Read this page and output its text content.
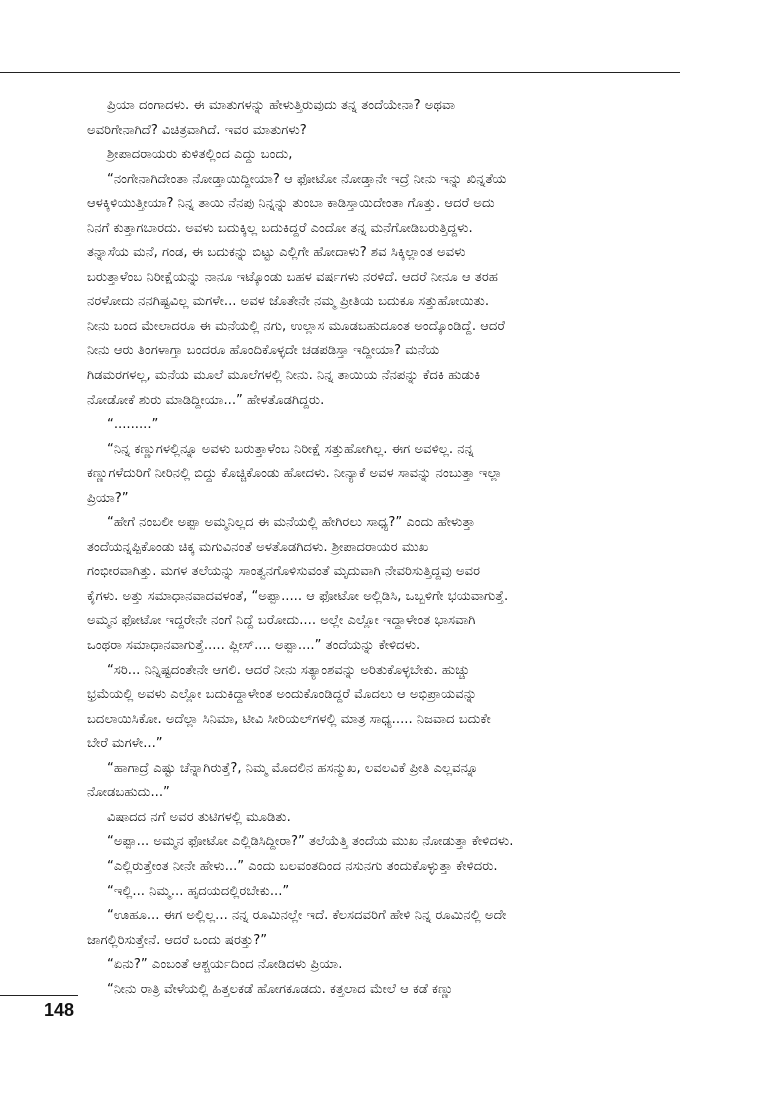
ಪ್ರಿಯಾ ದಂಗಾದಳು. ಈ ಮಾತುಗಳನ್ನು ಹೇಳುತ್ತಿರುವುದು ತನ್ನ ತಂದೆಯೇನಾ? ಅಥವಾ
ಅವರಿಗೇನಾಗಿದೆ? ವಿಚಿತ್ರವಾಗಿದೆ. ಇವರ ಮಾತುಗಳು?
ಶ್ರೀಪಾದರಾಯರು ಕುಳಿತಲ್ಲಿಂದ ಎದ್ದು ಬಂದು,
“ನಂಗೇನಾಗಿದೇಂತಾ ನೋಡ್ತಾಯಿದ್ದೀಯಾ? ಆ ಫೋಟೋ ನೋಡ್ತಾನೇ ಇದ್ರೆ ನೀನು ಇನ್ನು ಖಿನ್ನತೆಯ
ಆಳಕ್ಕಿಳಿಯುತ್ತೀಯಾ? ನಿನ್ನ ತಾಯಿ ನೆನಪು ನಿನ್ನನ್ನು ತುಂಬಾ ಕಾಡಿಸ್ತಾಯಿದೇಂತಾ ಗೊತ್ತು. ಆದರೆ ಅದು
ನಿನಗೆ ಕುತ್ತಾಗಬಾರದು. ಅವಳು ಬದುಕ್ಕಿಲ್ಲ ಬದುಕಿದ್ದರೆ ಎಂದೋ ತನ್ನ ಮನೆಗೋಡಿಬರುತ್ತಿದ್ದಳು.
ತನ್ನಾಸೆಯ ಮನೆ, ಗಂಡ, ಈ ಬದುಕನ್ನು ಬಿಟ್ಟು ಎಲ್ಲಿಗೇ ಹೋದಾಳು? ಶವ ಸಿಕ್ಕಿಲ್ಲಾಂತ ಅವಳು
ಬರುತ್ತಾಳೆಂಬ ನಿರೀಕ್ಷೆಯನ್ನು ನಾನೂ ಇಟ್ಕೊಂಡು ಬಹಳ ವರ್ಷಗಳು ನರಳಿದೆ. ಆದರೆ ನೀನೂ ಆ ತರಹ
ನರಳೋದು ನನಗಿಷ್ಟವಿಲ್ಲ ಮಗಳೇ... ಅವಳ ಜೊತೇನೇ ನಮ್ಮ ಪ್ರೀತಿಯ ಬದುಕೂ ಸತ್ತುಹೋಯಿತು.
ನೀನು ಬಂದ ಮೇಲಾದರೂ ಈ ಮನೆಯಲ್ಲಿ ನಗು, ಉಲ್ಲಾಸ ಮೂಡಬಹುದೂಂತ ಅಂದ್ಕೊಂಡಿದ್ದೆ. ಆದರೆ
ನೀನು ಆರು ತಿಂಗಳಾಗ್ತಾ ಬಂದರೂ ಹೊಂದಿಕೊಳ್ಳದೇ ಚಡಪಡಿಸ್ತಾ ಇದ್ದೀಯಾ? ಮನೆಯ
ಗಿಡಮರಗಳಲ್ಲ, ಮನೆಯ ಮೂಲೆ ಮೂಲೆಗಳಲ್ಲಿ ನೀನು. ನಿನ್ನ ತಾಯಿಯ ನೆನಪನ್ನು ಕೆದಕಿ ಹುಡುಕಿ
ನೋಡೋಕೆ ಶುರು ಮಾಡಿದ್ದೀಯಾ...” ಹೇಳತೊಡಗಿದ್ದರು.
“.........”
“ನಿನ್ನ ಕಣ್ಣುಗಳಲ್ಲಿನ್ನೂ ಅವಳು ಬರುತ್ತಾಳೆಂಬ ನಿರೀಕ್ಷೆ ಸತ್ತುಹೋಗಿಲ್ಲ. ಈಗ ಅವಳಿಲ್ಲ. ನನ್ನ
ಕಣ್ಣುಗಳೆದುರಿಗೆ ನೀರಿನಲ್ಲಿ ಬಿದ್ದು ಕೊಚ್ಚಿಕೊಂಡು ಹೋದಳು. ನೀನ್ಯಾಕೆ ಅವಳ ಸಾವನ್ನು ನಂಬುತ್ತಾ ಇಲ್ಲಾ
ಪ್ರಿಯಾ?”
“ಹೇಗೆ ನಂಬಲೀ ಅಪ್ಪಾ ಅಮ್ಮನಿಲ್ಲದ ಈ ಮನೆಯಲ್ಲಿ ಹೇಗಿರಲು ಸಾಧ್ಯ?” ಎಂದು ಹೇಳುತ್ತಾ
ತಂದೆಯನ್ನಪ್ಪಿಕೊಂಡು ಚಿಕ್ಕ ಮಗುವಿನಂತೆ ಅಳತೊಡಗಿದಳು. ಶ್ರೀಪಾದರಾಯರ ಮುಖ
ಗಂಭೀರವಾಗಿತ್ತು. ಮಗಳ ತಲೆಯನ್ನು ಸಾಂತ್ವನಗೊಳಿಸುವಂತೆ ಮೃದುವಾಗಿ ನೇವರಿಸುತ್ತಿದ್ದವು ಅವರ
ಕೈಗಳು. ಅತ್ತು ಸಮಾಧಾನವಾದವಳಂತೆ, “ಅಪ್ಪಾ..... ಆ ಫೋಟೋ ಅಲ್ಲಿಡಿಸಿ, ಒಬ್ಬಳಿಗೇ ಭಯವಾಗುತ್ತೆ.
ಅಮ್ಮನ ಫೋಟೋ ಇದ್ದರೇನೇ ನಂಗೆ ನಿದ್ದೆ ಬರೋದು.... ಅಲ್ಲೇ ಎಲ್ಲೋ ಇದ್ದಾಳೇಂತ ಭಾಸವಾಗಿ
ಒಂಥರಾ ಸಮಾಧಾನವಾಗುತ್ತೆ..... ಪ್ಲೀಸ್.... ಅಪ್ಪಾ....” ತಂದೆಯನ್ನು ಕೇಳಿದಳು.
“ಸರಿ... ನಿನ್ನಿಷ್ಟದಂತೇನೇ ಆಗಲಿ. ಆದರೆ ನೀನು ಸತ್ಯಾಂಶವನ್ನು ಅರಿತುಕೊಳ್ಳಬೇಕು. ಹುಚ್ಚು
ಭ್ರಮೆಯಲ್ಲಿ ಅವಳು ಎಲ್ಲೋ ಬದುಕಿದ್ದಾಳೇಂತ ಅಂದುಕೊಂಡಿದ್ದರೆ ಮೊದಲು ಆ ಅಭಿಪ್ರಾಯವನ್ನು
ಬದಲಾಯಿಸಿಕೋ. ಅದೆಲ್ಲಾ ಸಿನಿಮಾ, ಟೀವಿ ಸೀರಿಯಲ್‌ಗಳಲ್ಲಿ ಮಾತ್ರ ಸಾಧ್ಯ..... ನಿಜವಾದ ಬದುಕೇ
ಬೇರೆ ಮಗಳೇ...”
“ಹಾಗಾದ್ರೆ ಎಷ್ಟು ಚೆನ್ನಾಗಿರುತ್ತೆ?, ನಿಮ್ಮ ಮೊದಲಿನ ಹಸನ್ಮುಖ, ಲವಲವಿಕೆ ಪ್ರೀತಿ ಎಲ್ಲವನ್ನೂ
ನೋಡಬಹುದು...”
ವಿಷಾದದ ನಗೆ ಅವರ ತುಟಿಗಳಲ್ಲಿ ಮೂಡಿತು.
“ಅಪ್ಪಾ... ಅಮ್ಮನ ಫೋಟೋ ಎಲ್ಲಿಡಿಸಿದ್ದೀರಾ?” ತಲೆಯೆತ್ತಿ ತಂದೆಯ ಮುಖ ನೋಡುತ್ತಾ ಕೇಳಿದಳು.
“ಎಲ್ಲಿರುತ್ತೇಂತ ನೀನೇ ಹೇಳು...” ಎಂದು ಬಲವಂತದಿಂದ ನಸುನಗು ತಂದುಕೊಳ್ಳುತ್ತಾ ಕೇಳಿದರು.
“ಇಲ್ಲಿ... ನಿಮ್ಮ... ಹೃದಯದಲ್ಲಿರಬೇಕು...”
“ಊಹೂ... ಈಗ ಅಲ್ಲಿಲ್ಲ... ನನ್ನ ರೂಮಿನಲ್ಲೇ ಇದೆ. ಕೆಲಸದವರಿಗೆ ಹೇಳಿ ನಿನ್ನ ರೂಮಿನಲ್ಲಿ ಅದೇ
ಜಾಗಲ್ಲಿರಿಸುತ್ತೇನೆ. ಆದರೆ ಒಂದು ಷರತ್ತು?”
“ಏನು?” ಎಂಬಂತೆ ಆಶ್ಚರ್ಯದಿಂದ ನೋಡಿದಳು ಪ್ರಿಯಾ.
“ನೀನು ರಾತ್ರಿ ವೇಳೆಯಲ್ಲಿ ಹಿತ್ತಲಕಡೆ ಹೋಗಕೂಡದು. ಕತ್ತಲಾದ ಮೇಲೆ ಆ ಕಡೆ ಕಣ್ಣು
148
